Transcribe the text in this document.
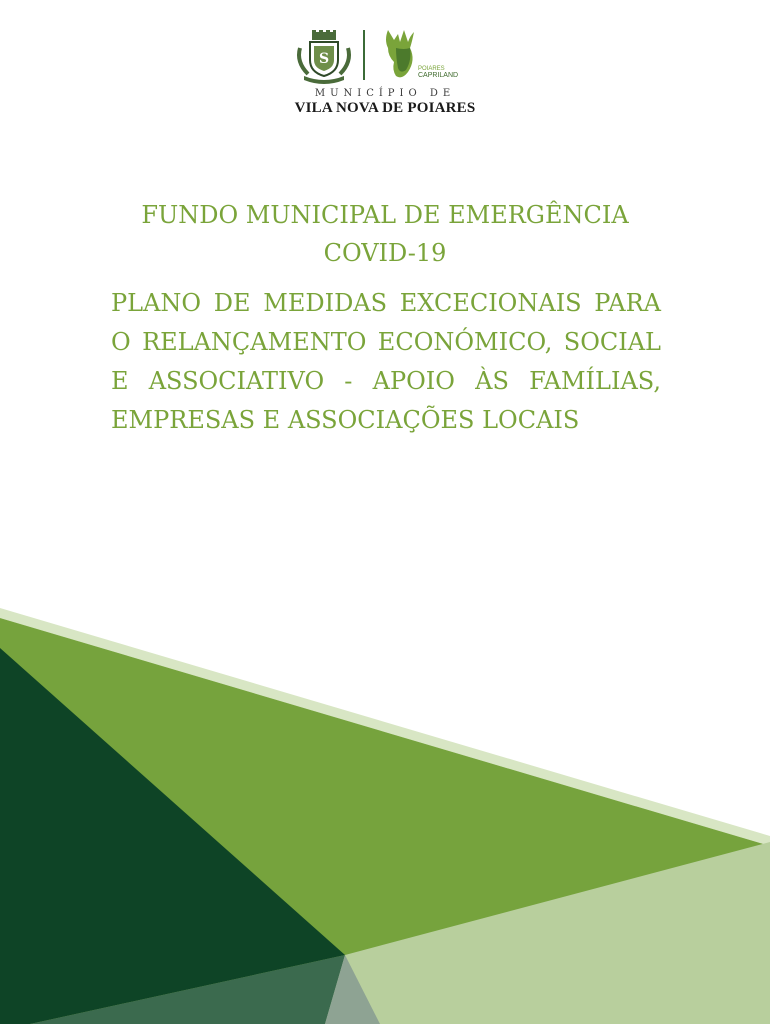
S
POIARES
CAPRILAND
MUNICÍPIO DE
VILA NOVA DE POIARES
FUNDO MUNICIPAL DE EMERGÊNCIA
COVID-19
PLANO DE MEDIDAS EXCECIONAIS PARA
O RELANÇAMENTO ECONÓMICO, SOCIAL
E ASSOCIATIVO - APOIO ÀS FAMÍLIAS,
EMPRESAS E ASSOCIAÇÕES LOCAIS
